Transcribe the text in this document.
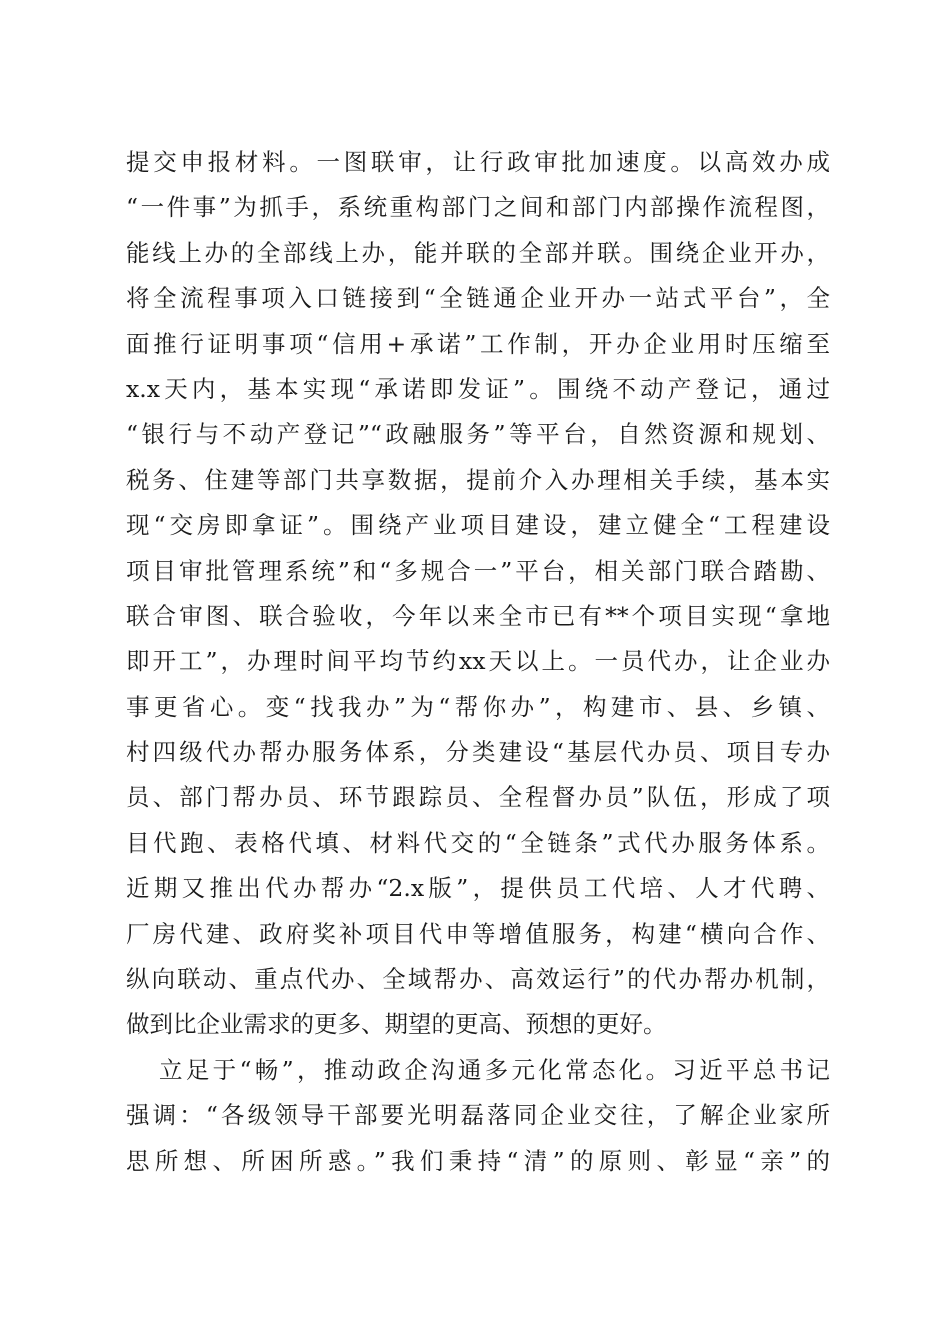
提交申报材料。一图联审，让行政审批加速度。以高效办成
“一件事”为抓手，系统重构部门之间和部门内部操作流程图，
能线上办的全部线上办，能并联的全部并联。围绕企业开办，
将全流程事项入口链接到“全链通企业开办一站式平台”，全
面推行证明事项“信用+承诺”工作制，开办企业用时压缩至
x.x天内，基本实现“承诺即发证”。围绕不动产登记，通过
“银行与不动产登记”“政融服务”等平台，自然资源和规划、
税务、住建等部门共享数据，提前介入办理相关手续，基本实
现“交房即拿证”。围绕产业项目建设，建立健全“工程建设
项目审批管理系统”和“多规合一”平台，相关部门联合踏勘、
联合审图、联合验收，今年以来全市已有**个项目实现“拿地
即开工”，办理时间平均节约xx天以上。一员代办，让企业办
事更省心。变“找我办”为“帮你办”，构建市、县、乡镇、
村四级代办帮办服务体系，分类建设“基层代办员、项目专办
员、部门帮办员、环节跟踪员、全程督办员”队伍，形成了项
目代跑、表格代填、材料代交的“全链条”式代办服务体系。
近期又推出代办帮办“2.x版”，提供员工代培、人才代聘、
厂房代建、政府奖补项目代申等增值服务，构建“横向合作、
纵向联动、重点代办、全域帮办、高效运行”的代办帮办机制，
做到比企业需求的更多、期望的更高、预想的更好。
立足于“畅”，推动政企沟通多元化常态化。习近平总书记
强调：“各级领导干部要光明磊落同企业交往，了解企业家所
思所想、所困所惑。”我们秉持“清”的原则、彰显“亲”的
